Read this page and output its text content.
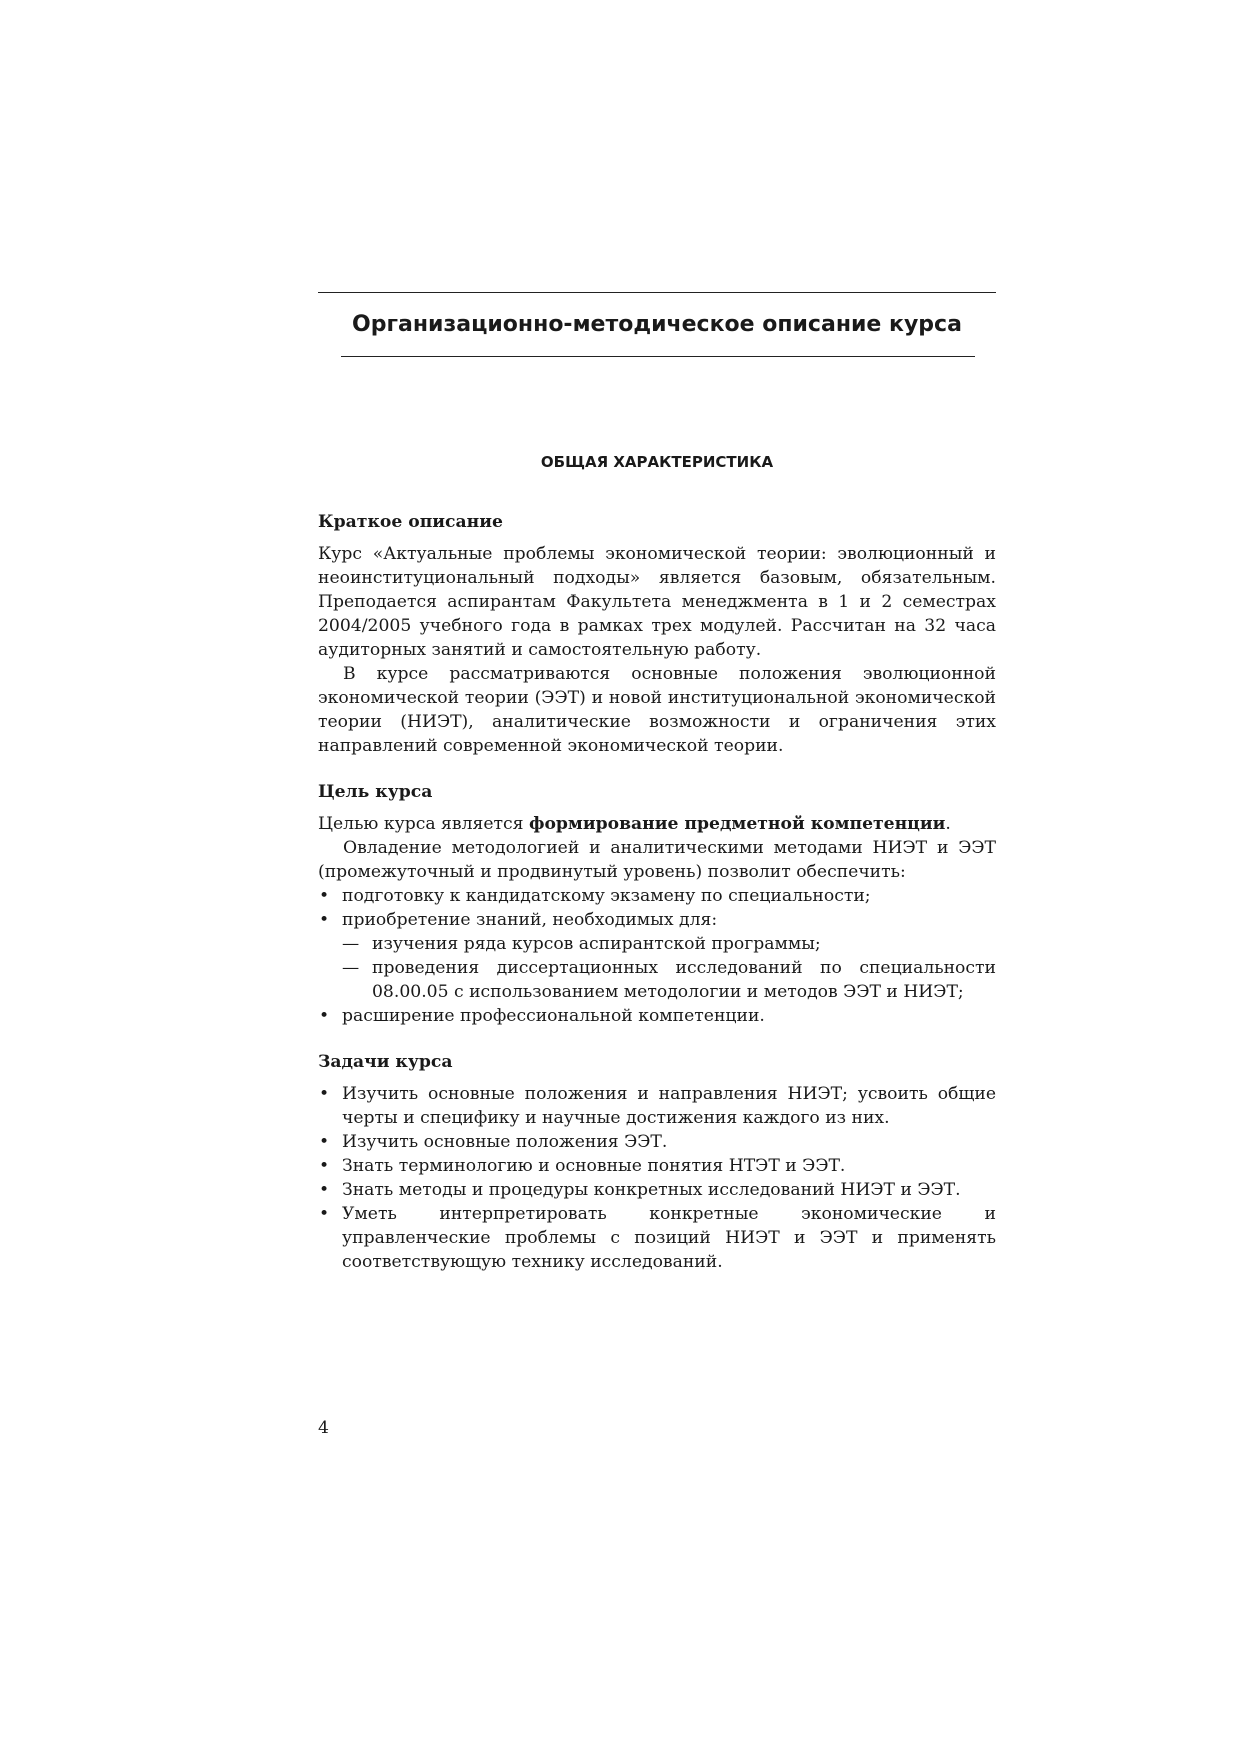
Организационно-методическое описание курса
ОБЩАЯ ХАРАКТЕРИСТИКА
Краткое описание

Курс «Актуальные проблемы экономической теории: эволюционный и неоинституциональный подходы» является базовым, обязательным. Преподается аспирантам Факультета менеджмента в 1 и 2 семестрах 2004/2005 учебного года в рамках трех модулей. Рассчитан на 32 часа аудиторных занятий и самостоятельную работу.

В курсе рассматриваются основные положения эволюционной экономической теории (ЭЭТ) и новой институциональной экономической теории (НИЭТ), аналитические возможности и ограничения этих направлений современной экономической теории.

Цель курса

Целью курса является формирование предметной компетенции.

Овладение методологией и аналитическими методами НИЭТ и ЭЭТ (промежуточный и продвинутый уровень) позволит обеспечить:

• подготовку к кандидатскому экзамену по специальности;
• приобретение знаний, необходимых для:
— изучения ряда курсов аспирантской программы;
— проведения диссертационных исследований по специальности 08.00.05 с использованием методологии и методов ЭЭТ и НИЭТ;
• расширение профессиональной компетенции.
Задачи курса
• Изучить основные положения и направления НИЭТ; усвоить общие черты и специфику и научные достижения каждого из них.
• Изучить основные положения ЭЭТ.
• Знать терминологию и основные понятия НТЭТ и ЭЭТ.
• Знать методы и процедуры конкретных исследований НИЭТ и ЭЭТ.
• Уметь интерпретировать конкретные экономические и управленческие проблемы с позиций НИЭТ и ЭЭТ и применять соответствующую технику исследований.
4
